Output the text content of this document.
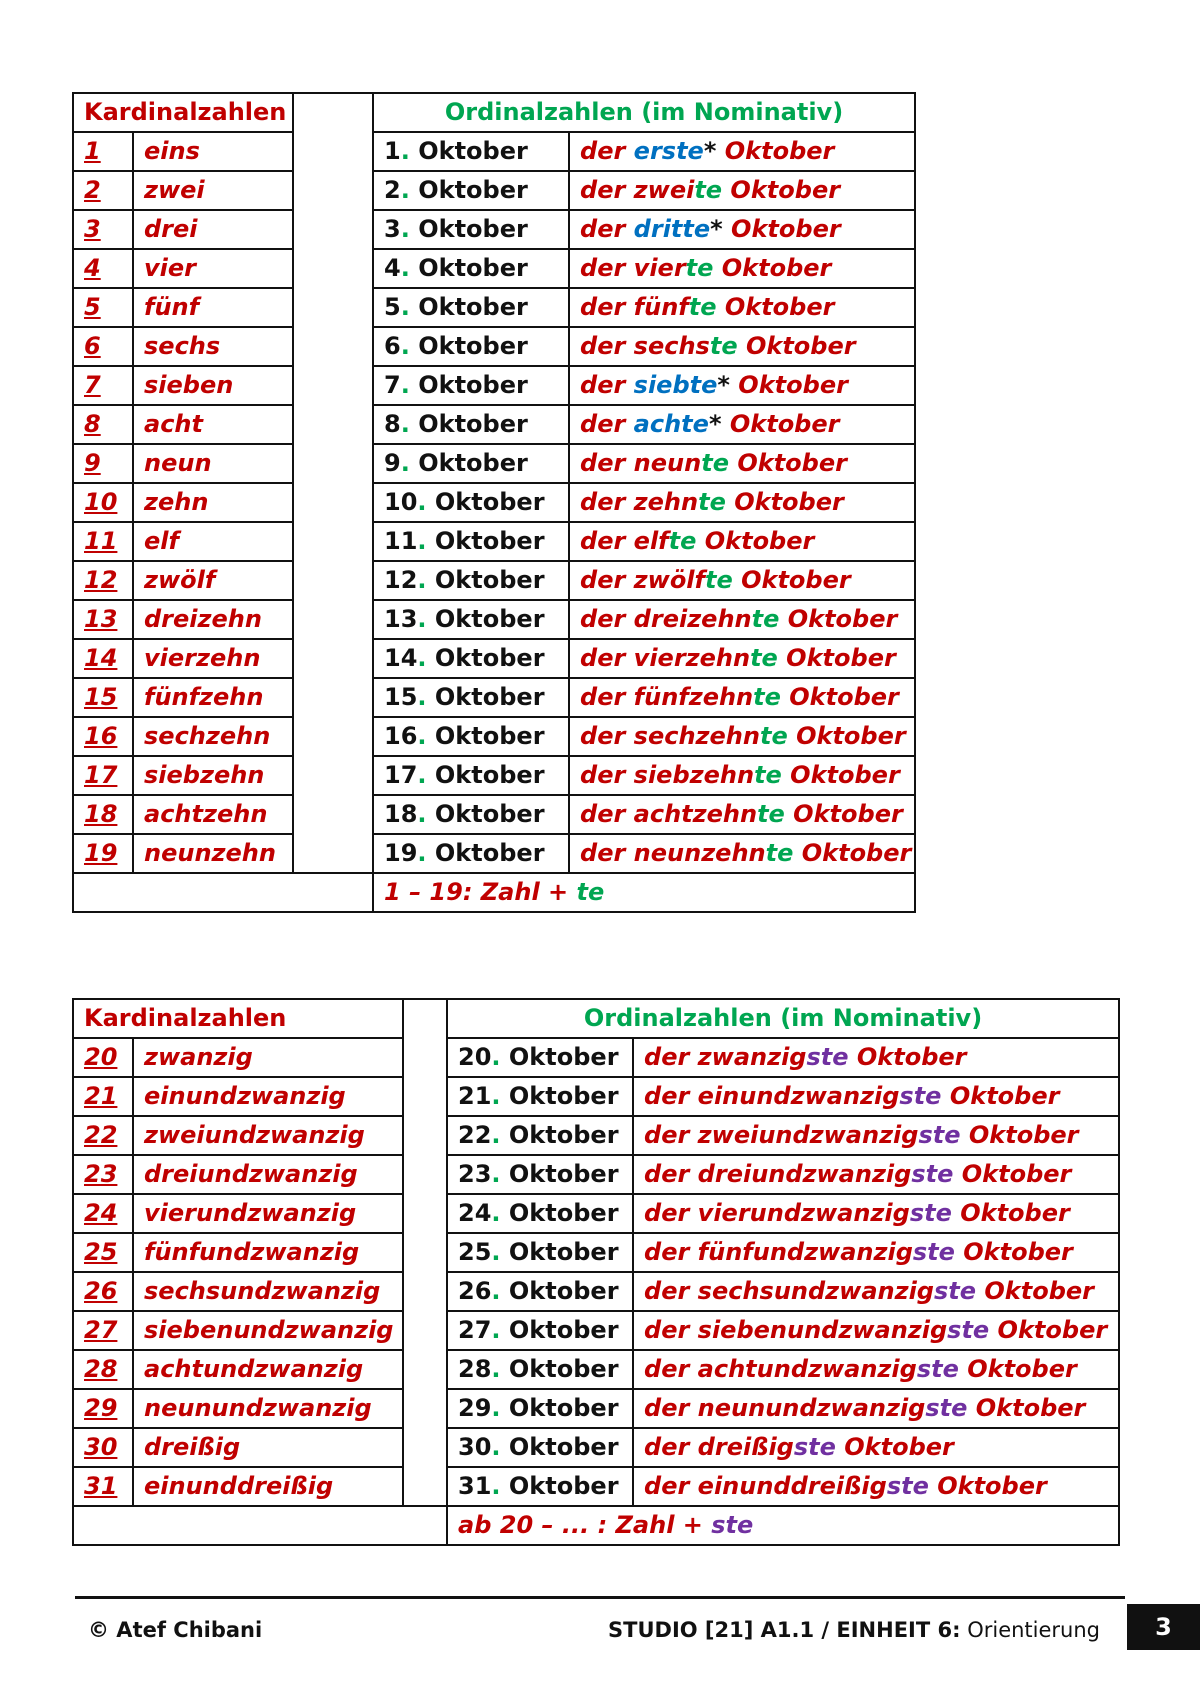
Kardinalzahlen			Ordinalzahlen (im Nominativ)	
1	eins		1. Oktober	der erste* Oktober
2	zwei		2. Oktober	der zweite Oktober
3	drei		3. Oktober	der dritte* Oktober
4	vier		4. Oktober	der vierte Oktober
5	fünf		5. Oktober	der fünfte Oktober
6	sechs		6. Oktober	der sechste Oktober
7	sieben		7. Oktober	der siebte* Oktober
8	acht		8. Oktober	der achte* Oktober
9	neun		9. Oktober	der neunte Oktober
10	zehn		10. Oktober	der zehnte Oktober
11	elf		11. Oktober	der elfte Oktober
12	zwölf		12. Oktober	der zwölfte Oktober
13	dreizehn		13. Oktober	der dreizehnte Oktober
14	vierzehn		14. Oktober	der vierzehnte Oktober
15	fünfzehn		15. Oktober	der fünfzehnte Oktober
16	sechzehn		16. Oktober	der sechzehnte Oktober
17	siebzehn		17. Oktober	der siebzehnte Oktober
18	achtzehn		18. Oktober	der achtzehnte Oktober
19	neunzehn		19. Oktober	der neunzehnte Oktober
			1 – 19: Zahl + te	
Kardinalzahlen			Ordinalzahlen (im Nominativ)	
20	zwanzig		20. Oktober	der zwanzigste Oktober
21	einundzwanzig		21. Oktober	der einundzwanzigste Oktober
22	zweiundzwanzig		22. Oktober	der zweiundzwanzigste Oktober
23	dreiundzwanzig		23. Oktober	der dreiundzwanzigste Oktober
24	vierundzwanzig		24. Oktober	der vierundzwanzigste Oktober
25	fünfundzwanzig		25. Oktober	der fünfundzwanzigste Oktober
26	sechsundzwanzig		26. Oktober	der sechsundzwanzigste Oktober
27	siebenundzwanzig		27. Oktober	der siebenundzwanzigste Oktober
28	achtundzwanzig		28. Oktober	der achtundzwanzigste Oktober
29	neunundzwanzig		29. Oktober	der neunundzwanzigste Oktober
30	dreißig		30. Oktober	der dreißigste Oktober
31	einunddreißig		31. Oktober	der einunddreißigste Oktober
			ab 20 – ... : Zahl + ste	
© Atef Chibani	STUDIO [21] A1.1 / EINHEIT 6: Orientierung	3
